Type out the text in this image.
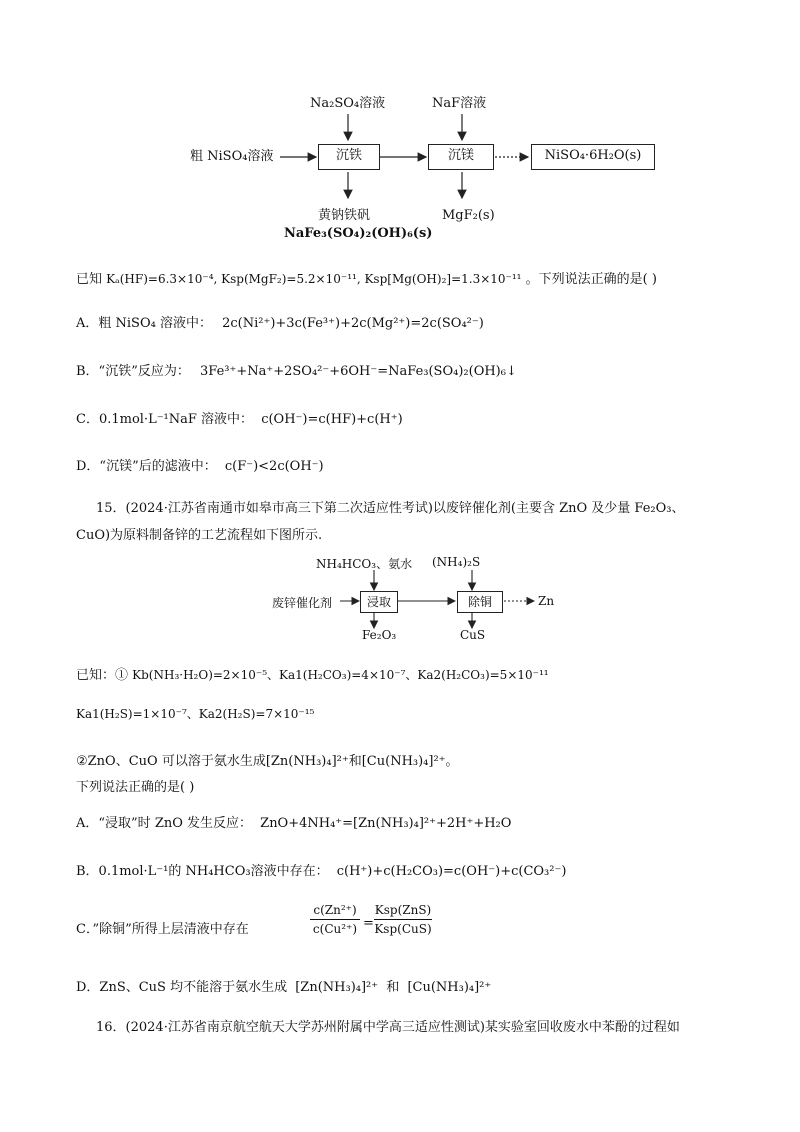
Na₂SO₄溶液	NaF溶液
粗 NiSO₄溶液	沉铁	沉镁	NiSO₄·6H₂O(s)
黄钠铁矾
NaFe₃(SO₄)₂(OH)₆(s)
MgF₂(s)
已知 Kₐ(HF)=6.3×10⁻⁴, Ksp(MgF₂)=5.2×10⁻¹¹, Ksp[Mg(OH)₂]=1.3×10⁻¹¹ 。下列说法正确的是( )
A．粗 NiSO₄ 溶液中： 2c(Ni²⁺)+3c(Fe³⁺)+2c(Mg²⁺)=2c(SO₄²⁻)
B．“沉铁”反应为： 3Fe³⁺+Na⁺+2SO₄²⁻+6OH⁻=NaFe₃(SO₄)₂(OH)₆↓
C．0.1mol·L⁻¹NaF 溶液中： c(OH⁻)=c(HF)+c(H⁺)
D．“沉镁”后的滤液中： c(F⁻)<2c(OH⁻)
15．(2024·江苏省南通市如皋市高三下第二次适应性考试)以废锌催化剂(主要含 ZnO 及少量 Fe₂O₃、
CuO)为原料制备锌的工艺流程如下图所示.
NH₄HCO₃、氨水 (NH₄)₂S
废锌催化剂	浸取	除铜	Zn
Fe₂O₃	CuS
已知：① Kb(NH₃·H₂O)=2×10⁻⁵、Ka1(H₂CO₃)=4×10⁻⁷、Ka2(H₂CO₃)=5×10⁻¹¹
Ka1(H₂S)=1×10⁻⁷、Ka2(H₂S)=7×10⁻¹⁵
②ZnO、CuO 可以溶于氨水生成[Zn(NH₃)₄]²⁺和[Cu(NH₃)₄]²⁺。
下列说法正确的是( )
A．“浸取”时 ZnO 发生反应： ZnO+4NH₄⁺=[Zn(NH₃)₄]²⁺+2H⁺+H₂O
B．0.1mol·L⁻¹的 NH₄HCO₃溶液中存在： c(H⁺)+c(H₂CO₃)=c(OH⁻)+c(CO₃²⁻)
C．”除铜”所得上层清液中存在	$\frac{\text{c(Zn²⁺)}}{\text{c(Cu²⁺)}}$ =
Ksp(ZnS)
Ksp(CuS)
D．ZnS、CuS 均不能溶于氨水生成 [Zn(NH₃)₄]²⁺ 和 [Cu(NH₃)₄]²⁺
16．(2024·江苏省南京航空航天大学苏州附属中学高三适应性测试)某实验室回收废水中苯酚的过程如
